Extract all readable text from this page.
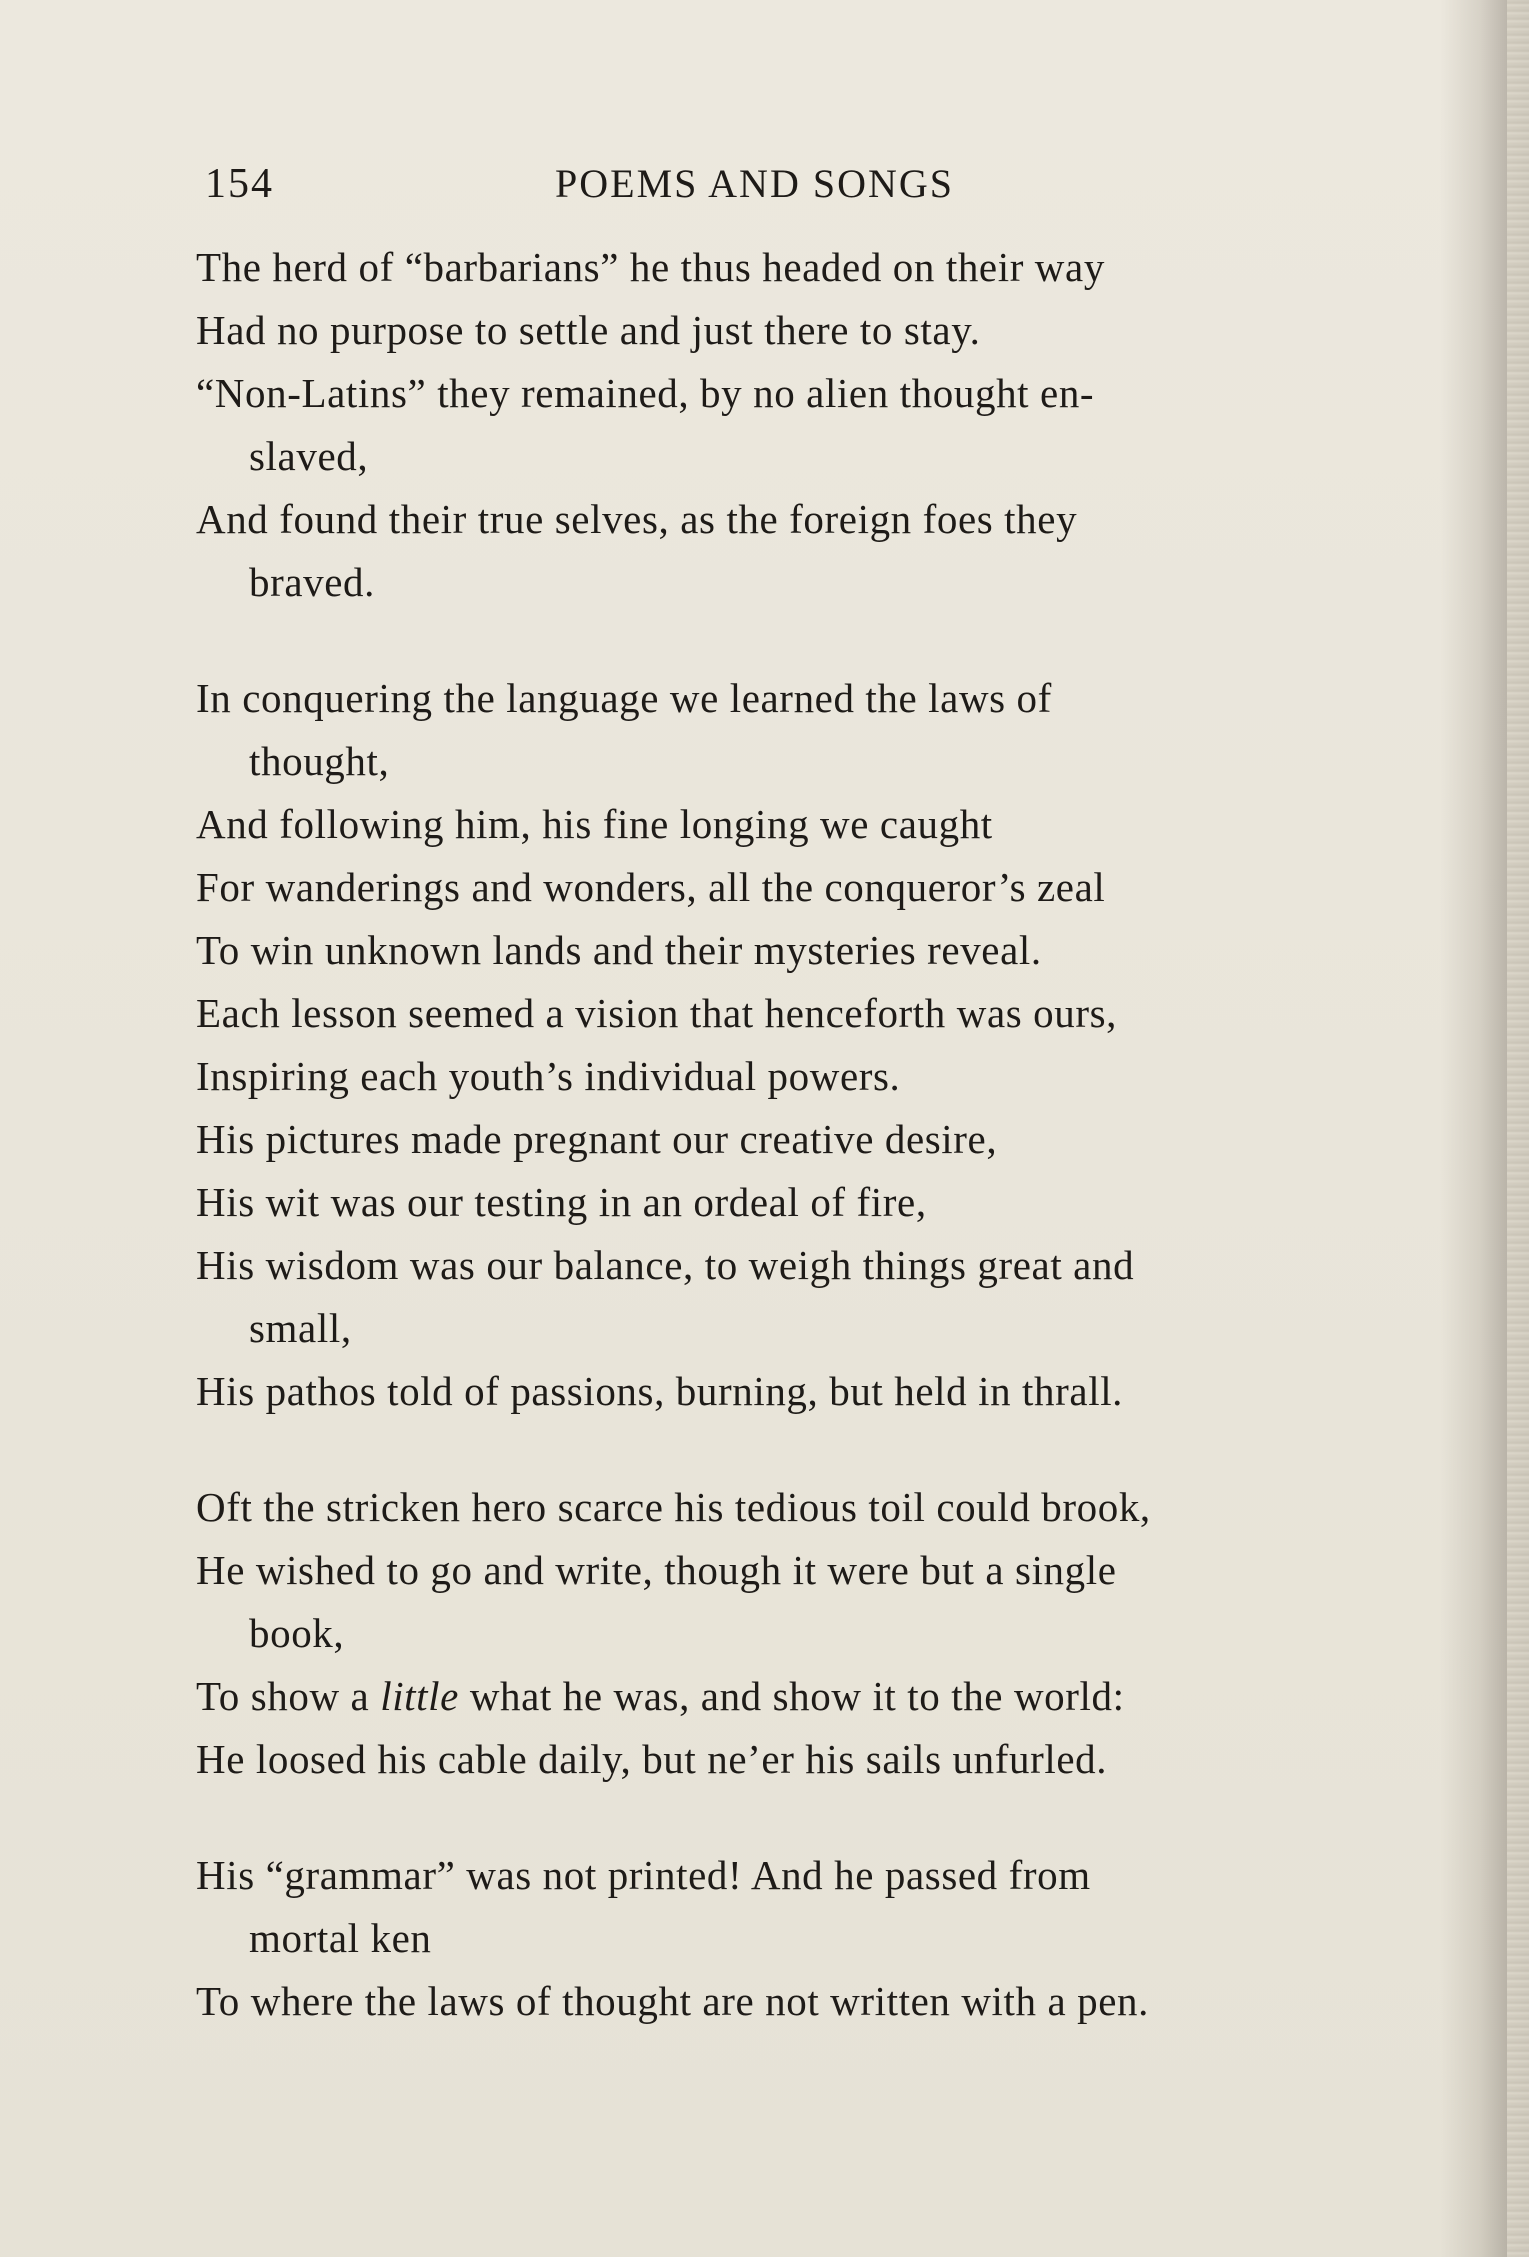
154	POEMS AND SONGS
The herd of “barbarians” he thus headed on their way
Had no purpose to settle and just there to stay.
“Non-Latins” they remained, by no alien thought en-
slaved,
And found their true selves, as the foreign foes they
braved.
In conquering the language we learned the laws of
thought,
And following him, his fine longing we caught
For wanderings and wonders, all the conqueror’s zeal
To win unknown lands and their mysteries reveal.
Each lesson seemed a vision that henceforth was ours,
Inspiring each youth’s individual powers.
His pictures made pregnant our creative desire,
His wit was our testing in an ordeal of fire,
His wisdom was our balance, to weigh things great and
small,
His pathos told of passions, burning, but held in thrall.
Oft the stricken hero scarce his tedious toil could brook,
He wished to go and write, though it were but a single
book,
To show a little what he was, and show it to the world:
He loosed his cable daily, but ne’er his sails unfurled.
His “grammar” was not printed! And he passed from
mortal ken
To where the laws of thought are not written with a pen.
